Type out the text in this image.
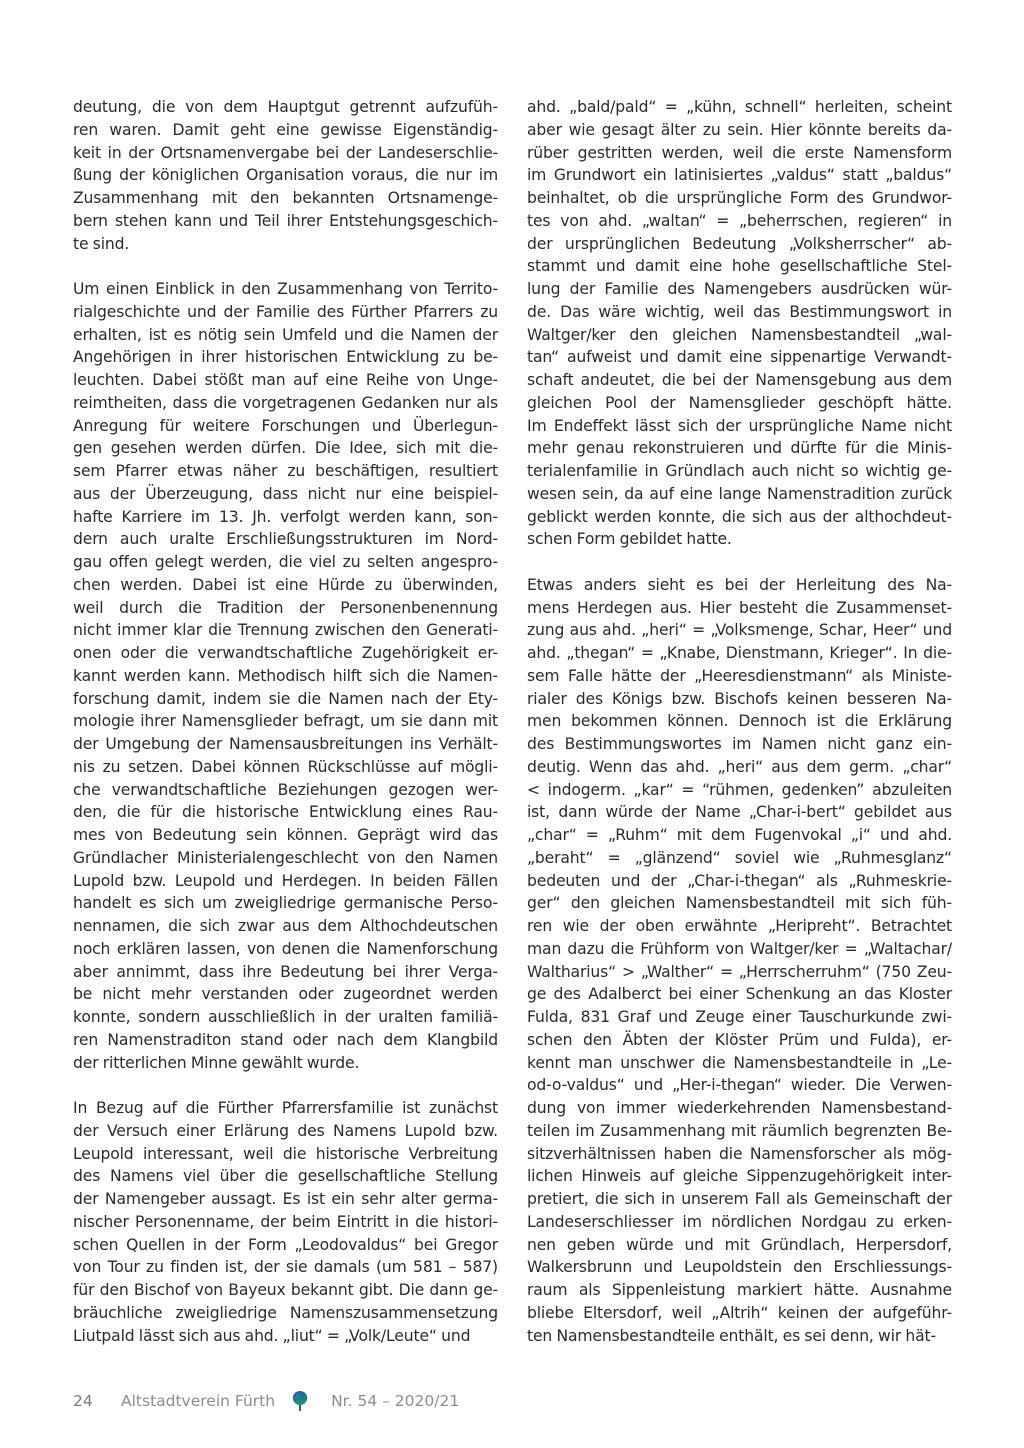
deutung, die von dem Hauptgut getrennt aufzufüh-
ren waren. Damit geht eine gewisse Eigenständig-
keit in der Ortsnamenvergabe bei der Landeserschlie-
ßung der königlichen Organisation voraus, die nur im
Zusammenhang mit den bekannten Ortsnamenge-
bern stehen kann und Teil ihrer Entstehungsgeschich-
te sind.
Um einen Einblick in den Zusammenhang von Territo-
rialgeschichte und der Familie des Fürther Pfarrers zu
erhalten, ist es nötig sein Umfeld und die Namen der
Angehörigen in ihrer historischen Entwicklung zu be-
leuchten. Dabei stößt man auf eine Reihe von Unge-
reimtheiten, dass die vorgetragenen Gedanken nur als
Anregung für weitere Forschungen und Überlegun-
gen gesehen werden dürfen. Die Idee, sich mit die-
sem Pfarrer etwas näher zu beschäftigen, resultiert
aus der Überzeugung, dass nicht nur eine beispiel-
hafte Karriere im 13. Jh. verfolgt werden kann, son-
dern auch uralte Erschließungsstrukturen im Nord-
gau offen gelegt werden, die viel zu selten angespro-
chen werden. Dabei ist eine Hürde zu überwinden,
weil durch die Tradition der Personenbenennung
nicht immer klar die Trennung zwischen den Generati-
onen oder die verwandtschaftliche Zugehörigkeit er-
kannt werden kann. Methodisch hilft sich die Namen-
forschung damit, indem sie die Namen nach der Ety-
mologie ihrer Namensglieder befragt, um sie dann mit
der Umgebung der Namensausbreitungen ins Verhält-
nis zu setzen. Dabei können Rückschlüsse auf mögli-
che verwandtschaftliche Beziehungen gezogen wer-
den, die für die historische Entwicklung eines Rau-
mes von Bedeutung sein können. Geprägt wird das
Gründlacher Ministerialengeschlecht von den Namen
Lupold bzw. Leupold und Herdegen. In beiden Fällen
handelt es sich um zweigliedrige germanische Perso-
nennamen, die sich zwar aus dem Althochdeutschen
noch erklären lassen, von denen die Namenforschung
aber annimmt, dass ihre Bedeutung bei ihrer Verga-
be nicht mehr verstanden oder zugeordnet werden
konnte, sondern ausschließlich in der uralten familiä-
ren Namenstraditon stand oder nach dem Klangbild
der ritterlichen Minne gewählt wurde.
In Bezug auf die Fürther Pfarrersfamilie ist zunächst
der Versuch einer Erlärung des Namens Lupold bzw.
Leupold interessant, weil die historische Verbreitung
des Namens viel über die gesellschaftliche Stellung
der Namengeber aussagt. Es ist ein sehr alter germa-
nischer Personenname, der beim Eintritt in die histori-
schen Quellen in der Form „Leodovaldus“ bei Gregor
von Tour zu finden ist, der sie damals (um 581 – 587)
für den Bischof von Bayeux bekannt gibt. Die dann ge-
bräuchliche zweigliedrige Namenszusammensetzung
Liutpald lässt sich aus ahd. „liut“ = „Volk/Leute“ und
ahd. „bald/pald“ = „kühn, schnell“ herleiten, scheint
aber wie gesagt älter zu sein. Hier könnte bereits da-
rüber gestritten werden, weil die erste Namensform
im Grundwort ein latinisiertes „valdus“ statt „baldus“
beinhaltet, ob die ursprüngliche Form des Grundwor-
tes von ahd. „waltan“ = „beherrschen, regieren“ in
der ursprünglichen Bedeutung „Volksherrscher“ ab-
stammt und damit eine hohe gesellschaftliche Stel-
lung der Familie des Namengebers ausdrücken wür-
de. Das wäre wichtig, weil das Bestimmungswort in
Waltger/ker den gleichen Namensbestandteil „wal-
tan“ aufweist und damit eine sippenartige Verwandt-
schaft andeutet, die bei der Namensgebung aus dem
gleichen Pool der Namensglieder geschöpft hätte.
Im Endeffekt lässt sich der ursprüngliche Name nicht
mehr genau rekonstruieren und dürfte für die Minis-
terialenfamilie in Gründlach auch nicht so wichtig ge-
wesen sein, da auf eine lange Namenstradition zurück
geblickt werden konnte, die sich aus der althochdeut-
schen Form gebildet hatte.
Etwas anders sieht es bei der Herleitung des Na-
mens Herdegen aus. Hier besteht die Zusammenset-
zung aus ahd. „heri“ = „Volksmenge, Schar, Heer“ und
ahd. „thegan“ = „Knabe, Dienstmann, Krieger“. In die-
sem Falle hätte der „Heeresdienstmann“ als Ministe-
rialer des Königs bzw. Bischofs keinen besseren Na-
men bekommen können. Dennoch ist die Erklärung
des Bestimmungswortes im Namen nicht ganz ein-
deutig. Wenn das ahd. „heri“ aus dem germ. „char“
< indogerm. „kar“ = “rühmen, gedenken” abzuleiten
ist, dann würde der Name „Char-i-bert“ gebildet aus
„char“ = „Ruhm“ mit dem Fugenvokal „i“ und ahd.
„beraht“ = „glänzend“ soviel wie „Ruhmesglanz“
bedeuten und der „Char-i-thegan“ als „Ruhmeskrie-
ger“ den gleichen Namensbestandteil mit sich füh-
ren wie der oben erwähnte „Heripreht“. Betrachtet
man dazu die Frühform von Waltger/ker = „Waltachar/
Waltharius“ > „Walther“ = „Herrscherruhm“ (750 Zeu-
ge des Adalberct bei einer Schenkung an das Kloster
Fulda, 831 Graf und Zeuge einer Tauschurkunde zwi-
schen den Äbten der Klöster Prüm und Fulda), er-
kennt man unschwer die Namensbestandteile in „Le-
od-o-valdus“ und „Her-i-thegan“ wieder. Die Verwen-
dung von immer wiederkehrenden Namensbestand-
teilen im Zusammenhang mit räumlich begrenzten Be-
sitzverhältnissen haben die Namensforscher als mög-
lichen Hinweis auf gleiche Sippenzugehörigkeit inter-
pretiert, die sich in unserem Fall als Gemeinschaft der
Landeserschliesser im nördlichen Nordgau zu erken-
nen geben würde und mit Gründlach, Herpersdorf,
Walkersbrunn und Leupoldstein den Erschliessungs-
raum als Sippenleistung markiert hätte. Ausnahme
bliebe Eltersdorf, weil „Altrih“ keinen der aufgeführ-
ten Namensbestandteile enthält, es sei denn, wir hät-
24	Altstadtverein Fürth	Nr. 54 – 2020/21
